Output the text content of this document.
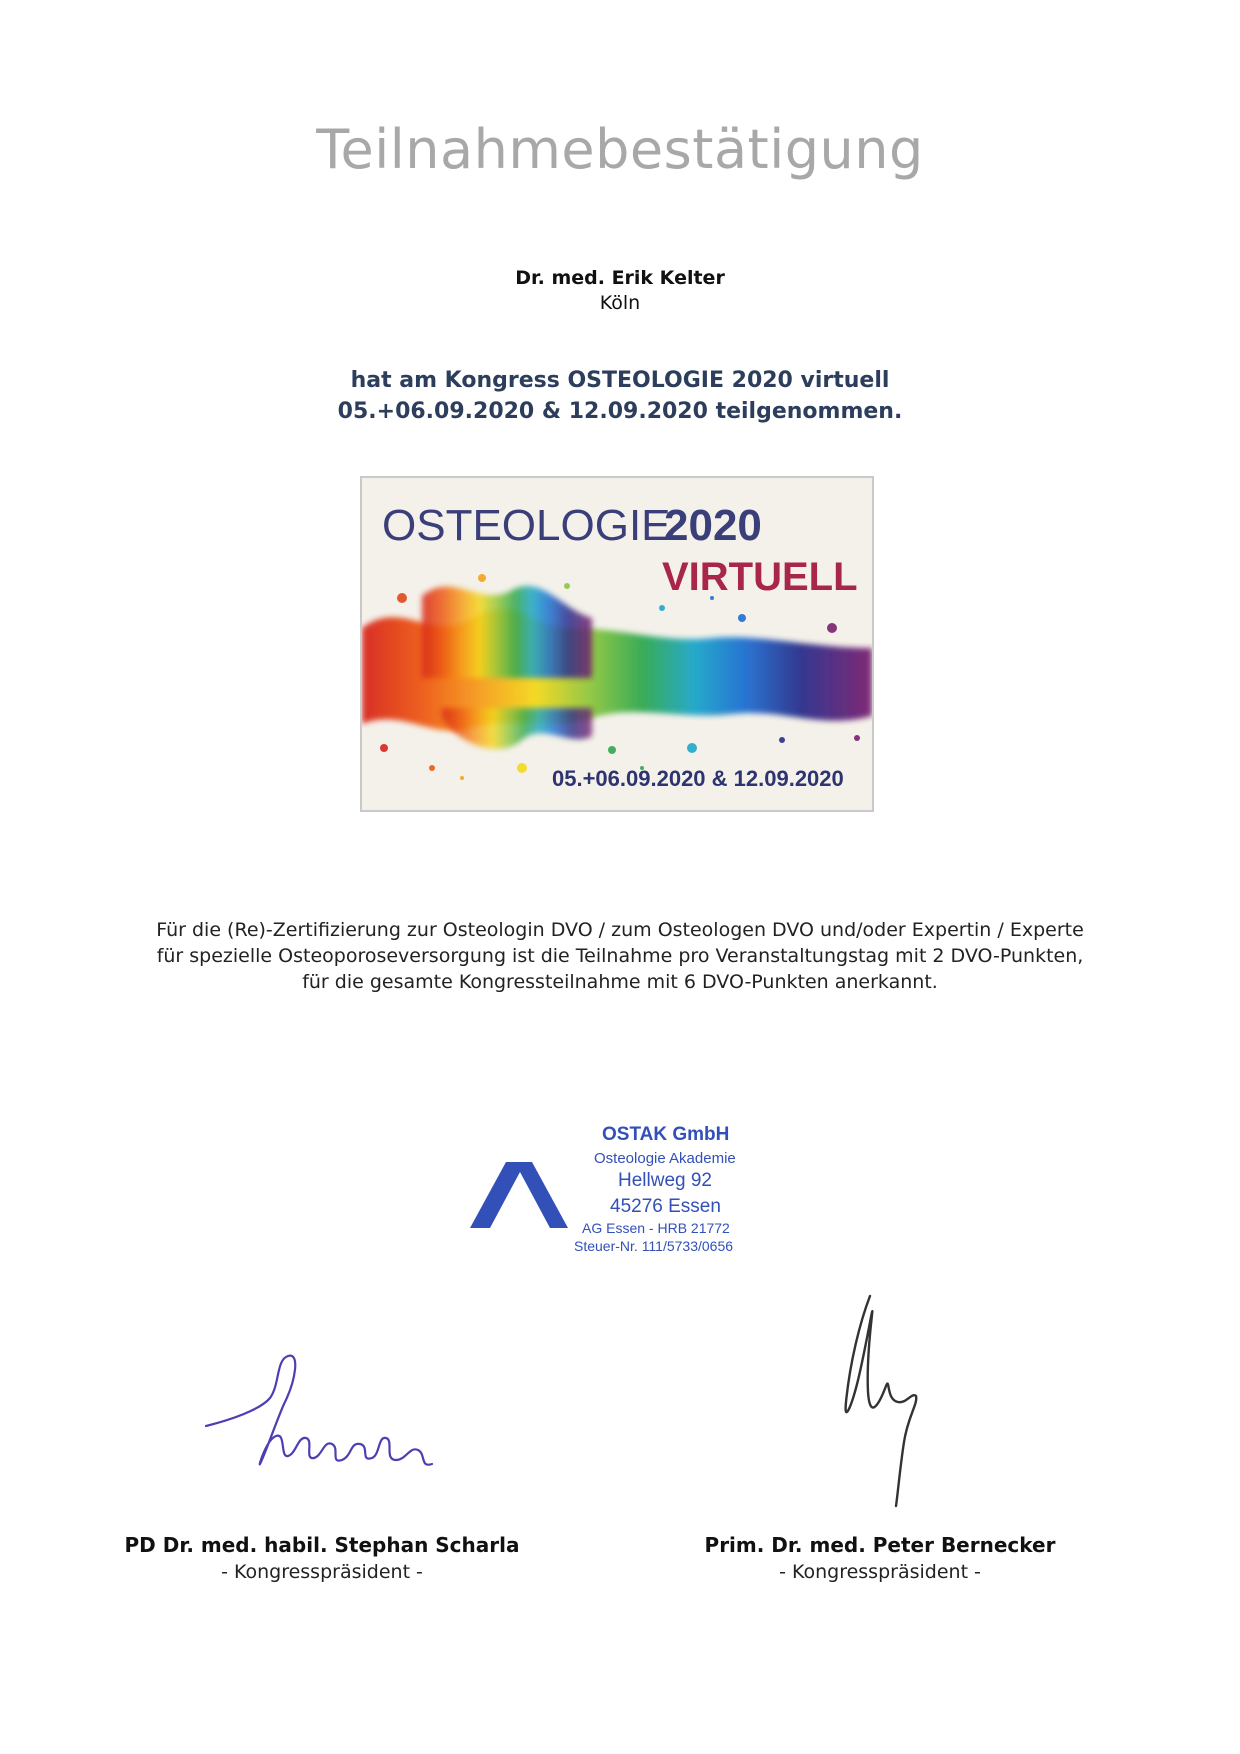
Teilnahmebestätigung
Dr. med. Erik Kelter
Köln
hat am Kongress OSTEOLOGIE 2020 virtuell
05.+06.09.2020 & 12.09.2020 teilgenommen.
OSTEOLOGIE
2020
VIRTUELL
05.+06.09.2020 & 12.09.2020
Für die (Re)-Zertifizierung zur Osteologin DVO / zum Osteologen DVO und/oder Expertin / Experte
für spezielle Osteoporoseversorgung ist die Teilnahme pro Veranstaltungstag mit 2 DVO-Punkten,
für die gesamte Kongressteilnahme mit 6 DVO-Punkten anerkannt.
OSTAK GmbH
Osteologie Akademie
Hellweg 92
45276 Essen
AG Essen - HRB 21772
Steuer-Nr. 111/5733/0656
PD Dr. med. habil. Stephan Scharla
- Kongresspräsident -
Prim. Dr. med. Peter Bernecker
- Kongresspräsident -
